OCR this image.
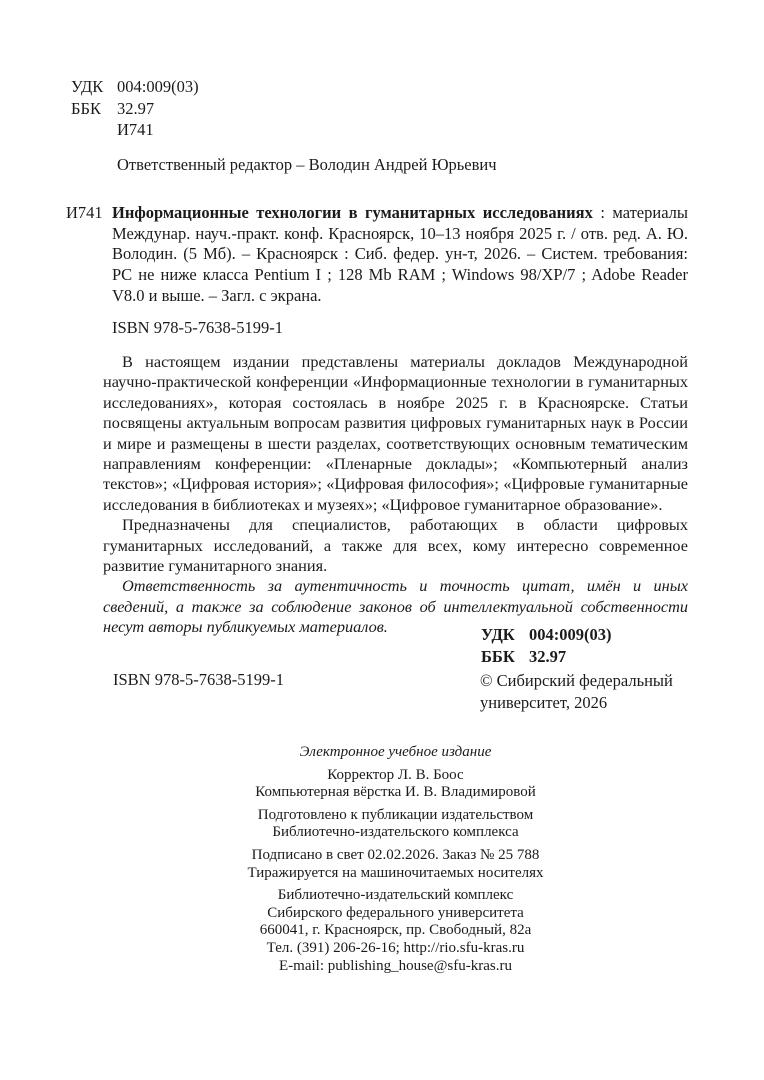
УДК 004:009(03)
ББК 32.97
И741
Ответственный редактор – Володин Андрей Юрьевич
И741 Информационные технологии в гуманитарных исследованиях : материалы Междунар. науч.-практ. конф. Красноярск, 10–13 ноября 2025 г. / отв. ред. А. Ю. Володин. (5 Мб). – Красноярск : Сиб. федер. ун-т, 2026. – Систем. требования: PC не ниже класса Pentium I ; 128 Mb RAM ; Windows 98/XP/7 ; Adobe Reader V8.0 и выше. – Загл. с экрана.
ISBN 978-5-7638-5199-1

В настоящем издании представлены материалы докладов Международной научно-практической конференции «Информационные технологии в гуманитарных исследованиях», которая состоялась в ноябре 2025 г. в Красноярске. Статьи посвящены актуальным вопросам развития цифровых гуманитарных наук в России и мире и размещены в шести разделах, соответствующих основным тематическим направлениям конференции: «Пленарные доклады»; «Компьютерный анализ текстов»; «Цифровая история»; «Цифровая философия»; «Цифровые гуманитарные исследования в библиотеках и музеях»; «Цифровое гуманитарное образование».

Предназначены для специалистов, работающих в области цифровых гуманитарных исследований, а также для всех, кому интересно современное развитие гуманитарного знания.

Ответственность за аутентичность и точность цитат, имён и иных сведений, а также за соблюдение законов об интеллектуальной собственности несут авторы публикуемых материалов.	УДК 004:009(03)
ББК 32.97
ISBN 978-5-7638-5199-1	© Сибирский федеральный
университет, 2026
Электронное учебное издание
Корректор Л. В. Боос
Компьютерная вёрстка И. В. Владимировой
Подготовлено к публикации издательством
Библиотечно-издательского комплекса
Подписано в свет 02.02.2026. Заказ № 25 788
Тиражируется на машиночитаемых носителях
Библиотечно-издательский комплекс
Сибирского федерального университета
660041, г. Красноярск, пр. Свободный, 82а
Тел. (391) 206-26-16; http://rio.sfu-kras.ru
E-mail: publishing_house@sfu-kras.ru
